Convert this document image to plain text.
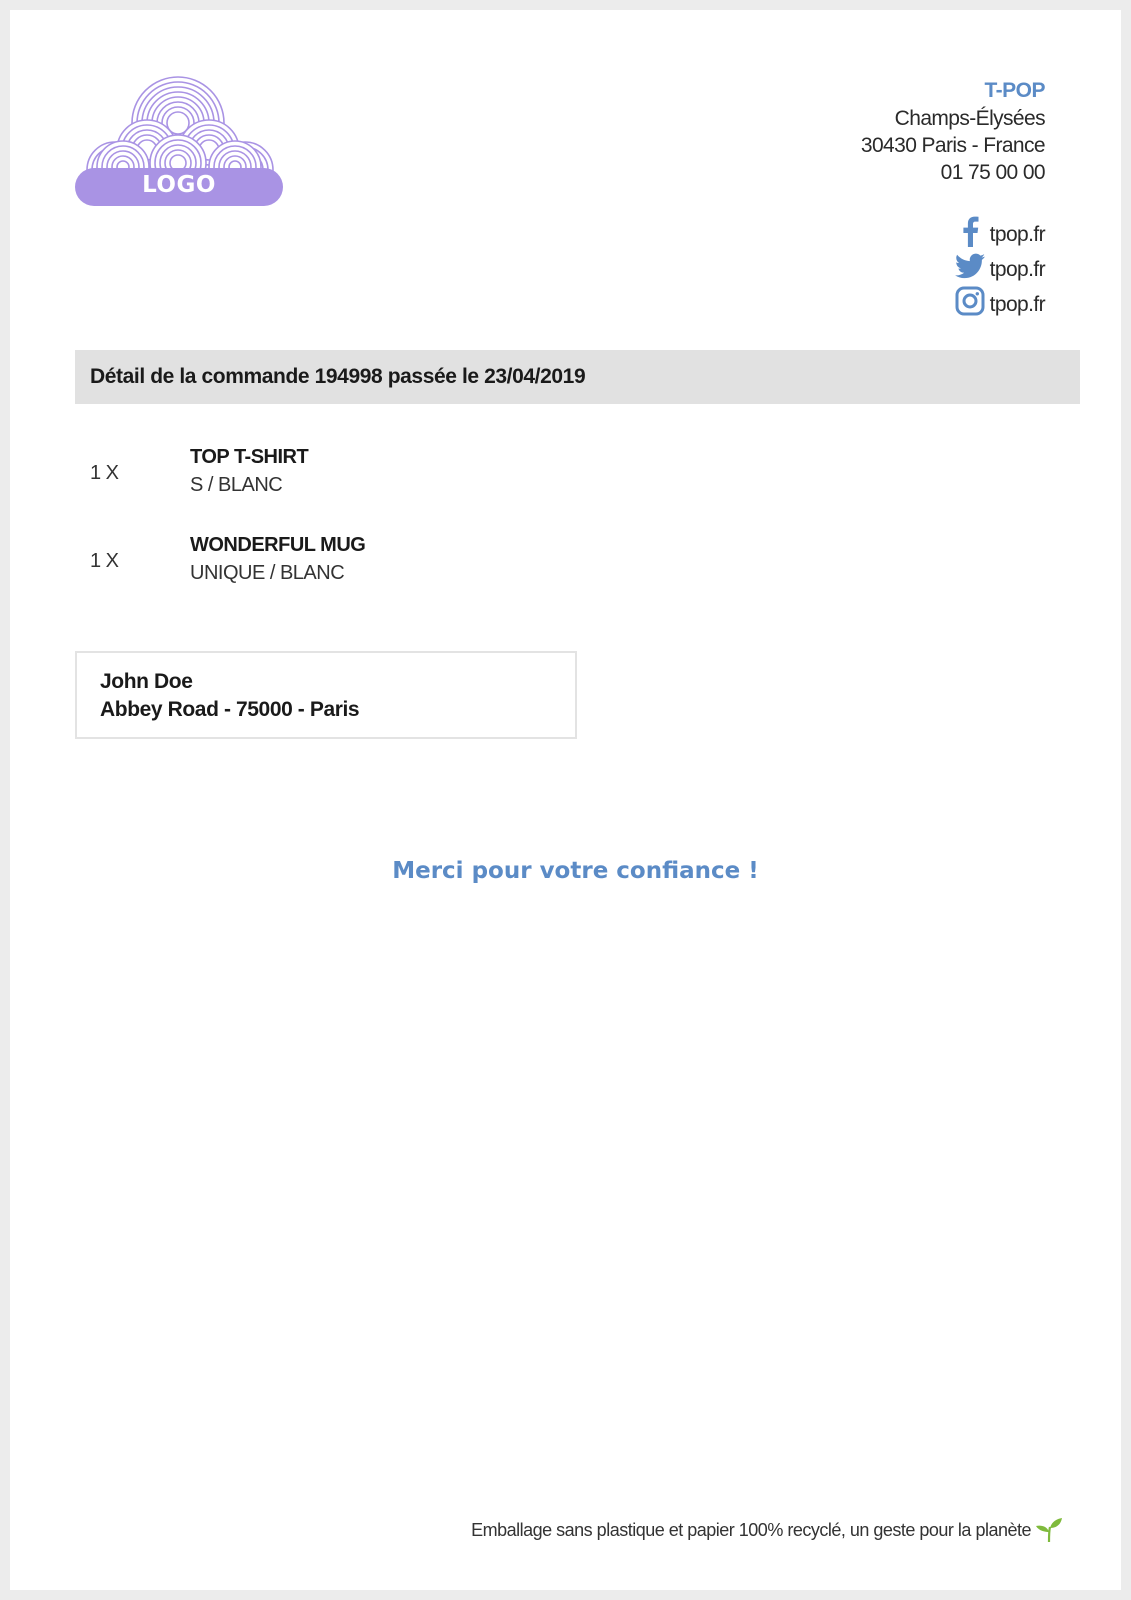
LOGO
T-POP
Champs-Élysées
30430 Paris - France
01 75 00 00
tpop.fr
tpop.fr
tpop.fr
Détail de la commande 194998 passée le 23/04/2019
1 X
TOP T-SHIRT
S / BLANC
1 X
WONDERFUL MUG
UNIQUE / BLANC
John Doe
Abbey Road - 75000 - Paris
Merci pour votre confiance !
Emballage sans plastique et papier 100% recyclé, un geste pour la planète
